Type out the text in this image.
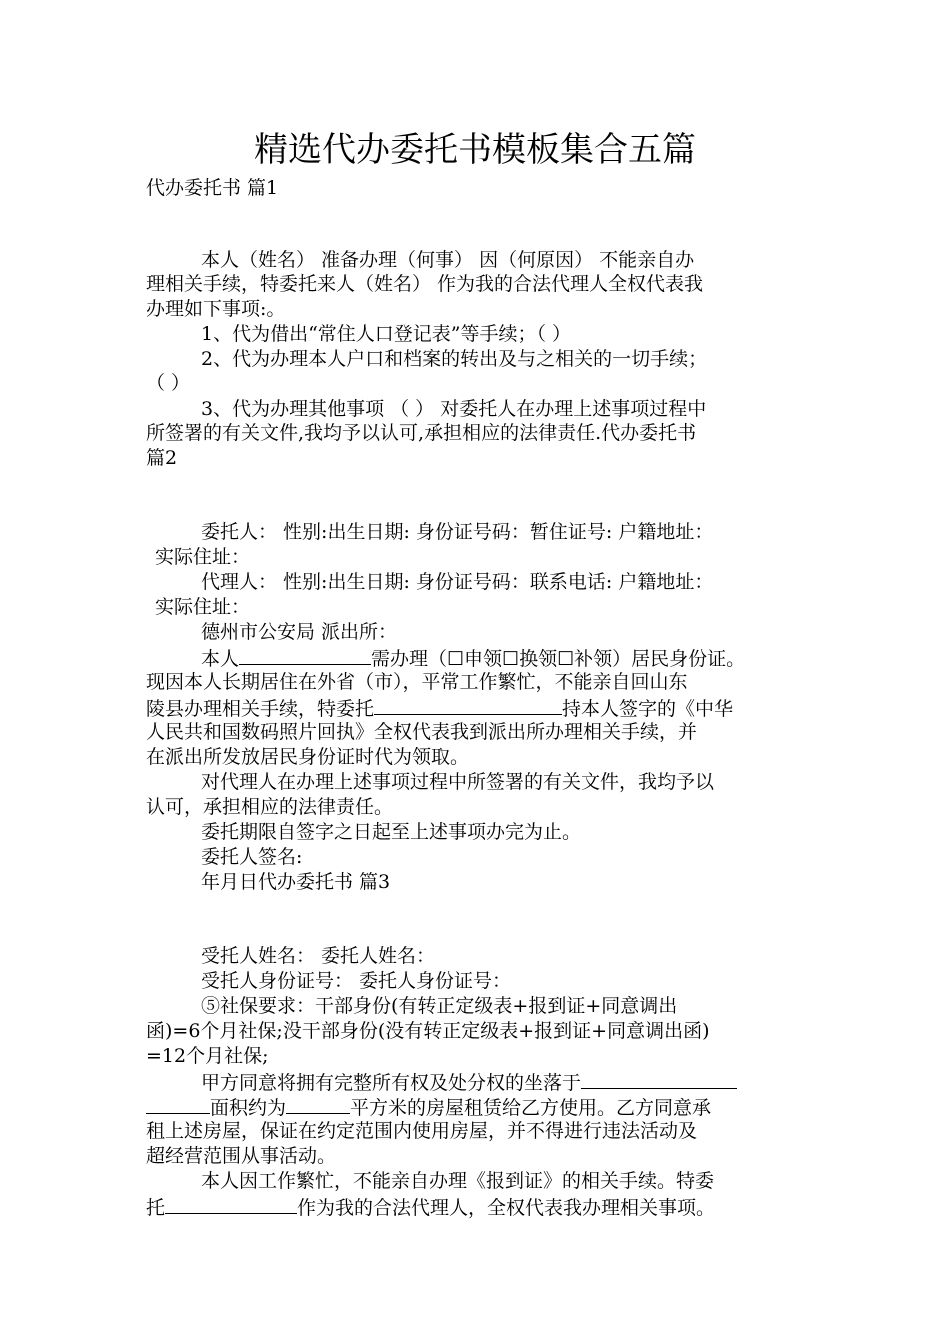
精选代办委托书模板集合五篇
代办委托书 篇1
本人（姓名） 准备办理（何事） 因（何原因） 不能亲自办
理相关手续，特委托来人（姓名） 作为我的合法代理人全权代表我
办理如下事项:。
1、代为借出“常住人口登记表”等手续；（ ）
2、代为办理本人户口和档案的转出及与之相关的一切手续；
（ ）
3、代为办理其他事项 （ ） 对委托人在办理上述事项过程中
所签署的有关文件,我均予以认可,承担相应的法律责任.代办委托书
篇2
委托人： 性别:出生日期: 身份证号码：暂住证号: 户籍地址：
实际住址：
代理人： 性别:出生日期: 身份证号码：联系电话: 户籍地址：
实际住址：
德州市公安局 派出所：
本人	需办理（☐申领☐换领☐补领）居民身份证。
现因本人长期居住在外省（市），平常工作繁忙，不能亲自回山东
陵县办理相关手续，特委托	持本人签字的《中华
人民共和国数码照片回执》全权代表我到派出所办理相关手续，并
在派出所发放居民身份证时代为领取。
对代理人在办理上述事项过程中所签署的有关文件，我均予以
认可，承担相应的法律责任。
委托期限自签字之日起至上述事项办完为止。
委托人签名:
年月日代办委托书 篇3
受托人姓名： 委托人姓名：
受托人身份证号： 委托人身份证号：
⑤社保要求：干部身份(有转正定级表+报到证+同意调出
函)=6个月社保;没干部身份(没有转正定级表+报到证+同意调出函)
=12个月社保;
甲方同意将拥有完整所有权及处分权的坐落于
面积约为	平方米的房屋租赁给乙方使用。乙方同意承
租上述房屋，保证在约定范围内使用房屋，并不得进行违法活动及
超经营范围从事活动。
本人因工作繁忙，不能亲自办理《报到证》的相关手续。特委
托	作为我的合法代理人，全权代表我办理相关事项。
